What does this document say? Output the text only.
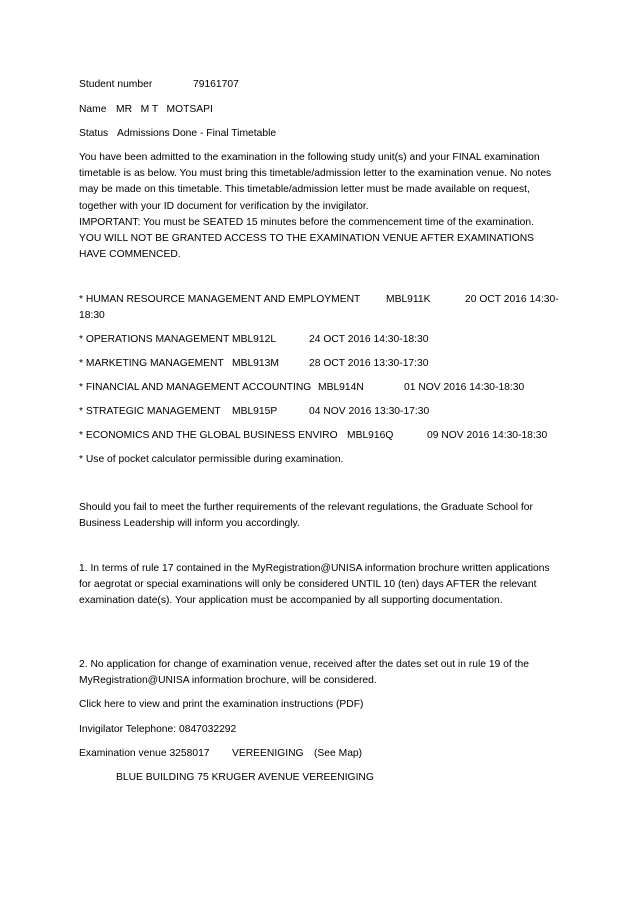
Student number	79161707
Name MR   M T   MOTSAPI
Status Admissions Done - Final Timetable
You have been admitted to the examination in the following study unit(s) and your FINAL examination timetable is as below. You must bring this timetable/admission letter to the examination venue. No notes may be made on this timetable. This timetable/admission letter must be made available on request, together with your ID document for verification by the invigilator.
IMPORTANT: You must be SEATED 15 minutes before the commencement time of the examination.
YOU WILL NOT BE GRANTED ACCESS TO THE EXAMINATION VENUE AFTER EXAMINATIONS HAVE COMMENCED.
* HUMAN RESOURCE MANAGEMENT AND EMPLOYMENT MBL911K	20 OCT 2016 14:30-
18:30
* OPERATIONS MANAGEMENT MBL912L	24 OCT 2016 14:30-18:30
* MARKETING MANAGEMENT MBL913M	28 OCT 2016 13:30-17:30
* FINANCIAL AND MANAGEMENT ACCOUNTING MBL914N	01 NOV 2016 14:30-18:30
* STRATEGIC MANAGEMENT MBL915P	04 NOV 2016 13:30-17:30
* ECONOMICS AND THE GLOBAL BUSINESS ENVIRO MBL916Q	09 NOV 2016 14:30-18:30
* Use of pocket calculator permissible during examination.
Should you fail to meet the further requirements of the relevant regulations, the Graduate School for Business Leadership will inform you accordingly.
1. In terms of rule 17 contained in the MyRegistration@UNISA information brochure written applications for aegrotat or special examinations will only be considered UNTIL 10 (ten) days AFTER the relevant examination date(s). Your application must be accompanied by all supporting documentation.
2. No application for change of examination venue, received after the dates set out in rule 19 of the MyRegistration@UNISA information brochure, will be considered.
Click here to view and print the examination instructions (PDF)
Invigilator Telephone: 0847032292
Examination venue 3258017 VEREENIGING (See Map)
BLUE BUILDING 75 KRUGER AVENUE VEREENIGING
